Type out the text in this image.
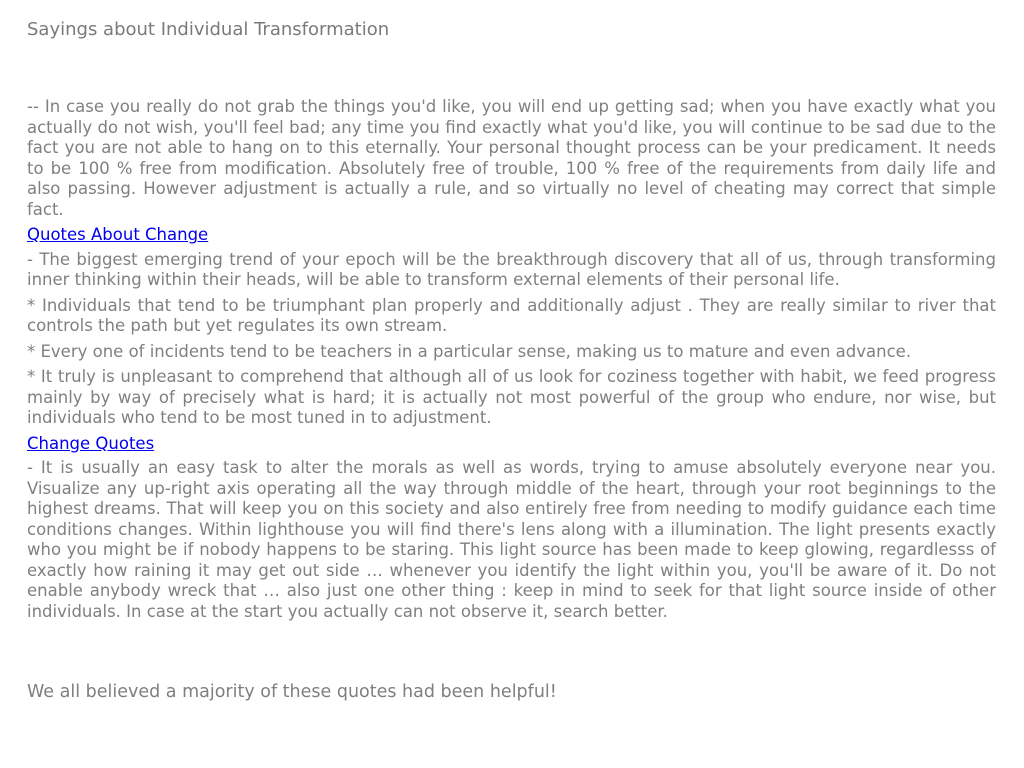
Sayings about Individual Transformation

-- In case you really do not grab the things you'd like, you will end up getting sad; when you have exactly what you actually do not wish, you'll feel bad; any time you find exactly what you'd like, you will continue to be sad due to the fact you are not able to hang on to this eternally. Your personal thought process can be your predicament. It needs to be 100 % free from modification. Absolutely free of trouble, 100 % free of the requirements from daily life and also passing. However adjustment is actually a rule, and so virtually no level of cheating may correct that simple fact.

Quotes About Change

- The biggest emerging trend of your epoch will be the breakthrough discovery that all of us, through transforming inner thinking within their heads, will be able to transform external elements of their personal life.

* Individuals that tend to be triumphant plan properly and additionally adjust . They are really similar to river that controls the path but yet regulates its own stream.

* Every one of incidents tend to be teachers in a particular sense, making us to mature and even advance.

* It truly is unpleasant to comprehend that although all of us look for coziness together with habit, we feed progress mainly by way of precisely what is hard; it is actually not most powerful of the group who endure, nor wise, but individuals who tend to be most tuned in to adjustment.

Change Quotes

- It is usually an easy task to alter the morals as well as words, trying to amuse absolutely everyone near you. Visualize any up-right axis operating all the way through middle of the heart, through your root beginnings to the highest dreams. That will keep you on this society and also entirely free from needing to modify guidance each time conditions changes. Within lighthouse you will find there's lens along with a illumination. The light presents exactly who you might be if nobody happens to be staring. This light source has been made to keep glowing, regardlesss of exactly how raining it may get out side … whenever you identify the light within you, you'll be aware of it. Do not enable anybody wreck that … also just one other thing : keep in mind to seek for that light source inside of other individuals. In case at the start you actually can not observe it, search better.

We all believed a majority of these quotes had been helpful!
